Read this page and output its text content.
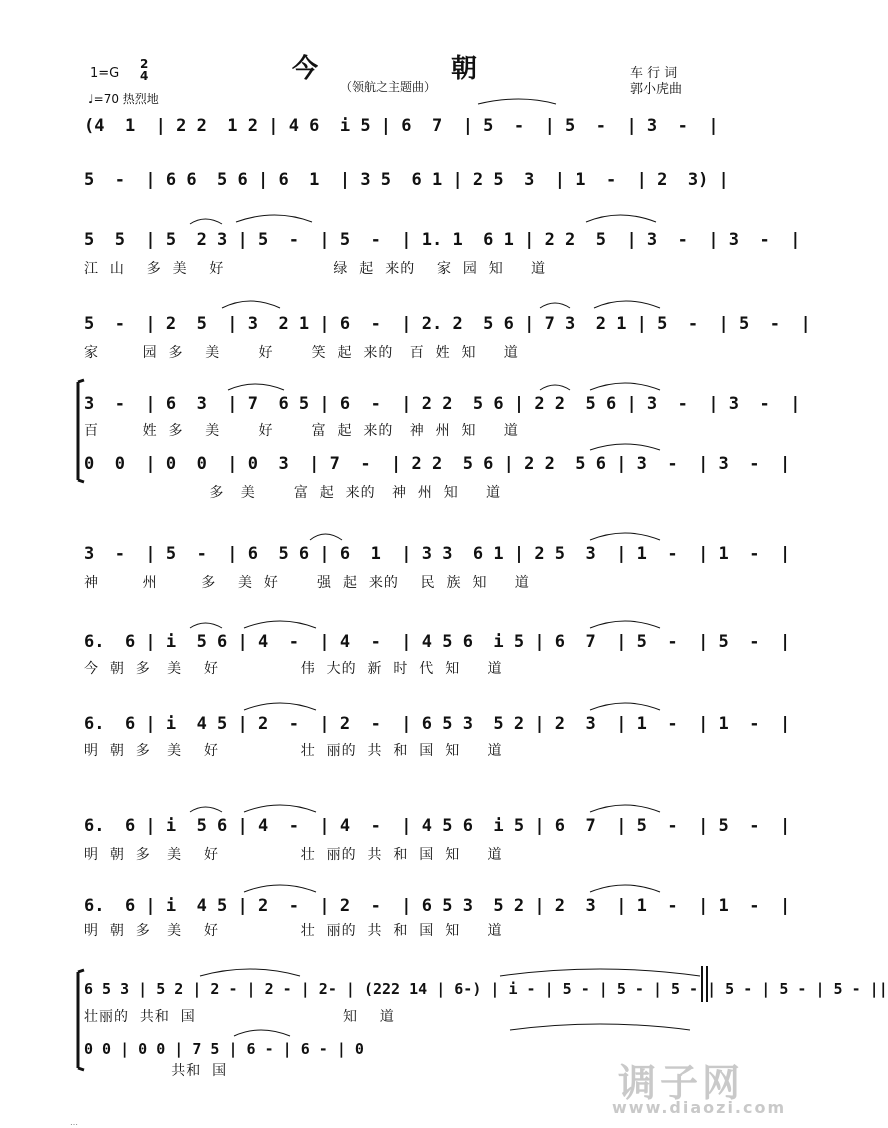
今 朝
（领航之主题曲）
1=G
2
4
♩=70 热烈地
车 行 词
郭小虎曲
(4  1  | 2 2  1 2 | 4 6  i 5 | 6  7  | 5  -  | 5  -  | 3  -  |
5  -  | 6 6  5 6 | 6  1  | 3 5  6 1 | 2 5  3  | 1  -  | 2  3) |
5  5  | 5  2 3 | 5  -  | 5  -  | 1. 1  6 1 | 2 2  5  | 3  -  | 3  -  |
江  山    多  美    好                    绿  起  来的    家  园  知     道
5  -  | 2  5  | 3  2 1 | 6  -  | 2. 2  5 6 | 7 3  2 1 | 5  -  | 5  -  |
家        园  多    美       好       笑  起  来的   百  姓  知     道
3  -  | 6  3  | 7  6 5 | 6  -  | 2 2  5 6 | 2 2  5 6 | 3  -  | 3  -  |
百        姓  多    美       好       富  起  来的   神  州  知     道
0  0  | 0  0  | 0  3  | 7  -  | 2 2  5 6 | 2 2  5 6 | 3  -  | 3  -  |
多   美       富  起  来的   神  州  知     道
3  -  | 5  -  | 6  5 6 | 6  1  | 3 3  6 1 | 2 5  3  | 1  -  | 1  -  |
神        州        多    美  好       强  起  来的    民  族  知     道
6.  6 | i  5 6 | 4  -  | 4  -  | 4 5 6  i 5 | 6  7  | 5  -  | 5  -  |
今  朝  多   美    好               伟  大的  新  时  代  知     道
6.  6 | i  4 5 | 2  -  | 2  -  | 6 5 3  5 2 | 2  3  | 1  -  | 1  -  |
明  朝  多   美    好               壮  丽的  共  和  国  知     道
6.  6 | i  5 6 | 4  -  | 4  -  | 4 5 6  i 5 | 6  7  | 5  -  | 5  -  |
明  朝  多   美    好               壮  丽的  共  和  国  知     道
6.  6 | i  4 5 | 2  -  | 2  -  | 6 5 3  5 2 | 2  3  | 1  -  | 1  -  |
明  朝  多   美    好               壮  丽的  共  和  国  知     道
6 5 3 | 5 2 | 2 - | 2 - | 2- | (222 14 | 6-) | i - | 5 - | 5 - | 5 - | 5 - | 5 - | 5 - ||
壮丽的  共和  国                           知    道
0 0 | 0 0 | 7 5 | 6 - | 6 - | 0
共和  国	调子网
www.diaozi.com
…
